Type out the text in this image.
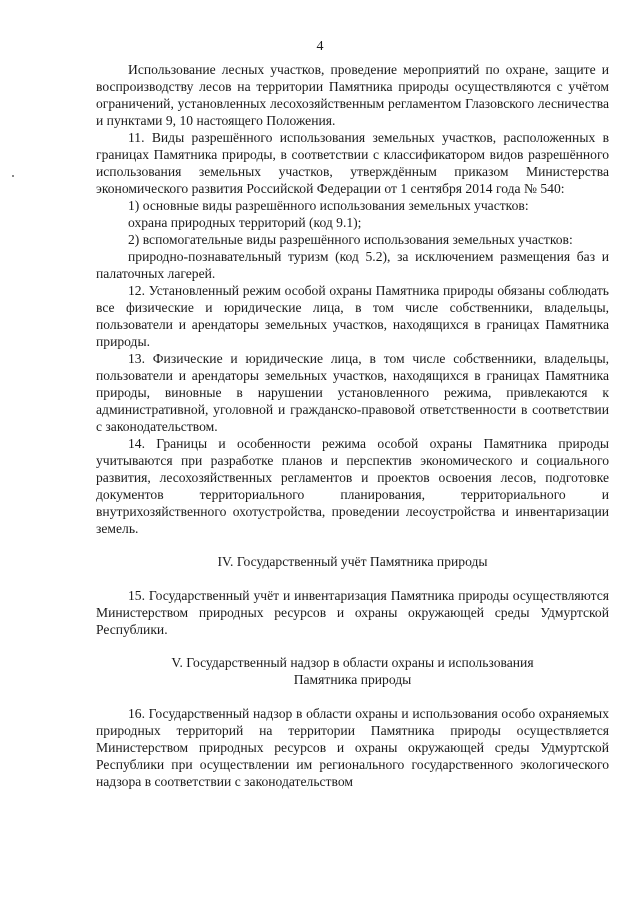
4

Использование лесных участков, проведение мероприятий по охране, защите и воспроизводству лесов на территории Памятника природы осуществляются с учётом ограничений, установленных лесохозяйственным регламентом Глазовского лесничества и пунктами 9, 10 настоящего Положения.

11. Виды разрешённого использования земельных участков, расположенных в границах Памятника природы, в соответствии с классификатором видов разрешённого использования земельных участков, утверждённым приказом Министерства экономического развития Российской Федерации от 1 сентября 2014 года № 540:

1) основные виды разрешённого использования земельных участков:

охрана природных территорий (код 9.1);

2) вспомогательные виды разрешённого использования земельных участков:

природно-познавательный туризм (код 5.2), за исключением размещения баз и палаточных лагерей.

12. Установленный режим особой охраны Памятника природы обязаны соблюдать все физические и юридические лица, в том числе собственники, владельцы, пользователи и арендаторы земельных участков, находящихся в границах Памятника природы.

13. Физические и юридические лица, в том числе собственники, владельцы, пользователи и арендаторы земельных участков, находящихся в границах Памятника природы, виновные в нарушении установленного режима, привлекаются к административной, уголовной и гражданско-правовой ответственности в соответствии с законодательством.

14. Границы и особенности режима особой охраны Памятника природы учитываются при разработке планов и перспектив экономического и социального развития, лесохозяйственных регламентов и проектов освоения лесов, подготовке документов территориального планирования, территориального и внутрихозяйственного охотустройства, проведении лесоустройства и инвентаризации земель.

IV. Государственный учёт Памятника природы

15. Государственный учёт и инвентаризация Памятника природы осуществляются Министерством природных ресурсов и охраны окружающей среды Удмуртской Республики.

V. Государственный надзор в области охраны и использования
Памятника природы

16. Государственный надзор в области охраны и использования особо охраняемых природных территорий на территории Памятника природы осуществляется Министерством природных ресурсов и охраны окружающей среды Удмуртской Республики при осуществлении им регионального государственного экологического надзора в соответствии с законодательством
